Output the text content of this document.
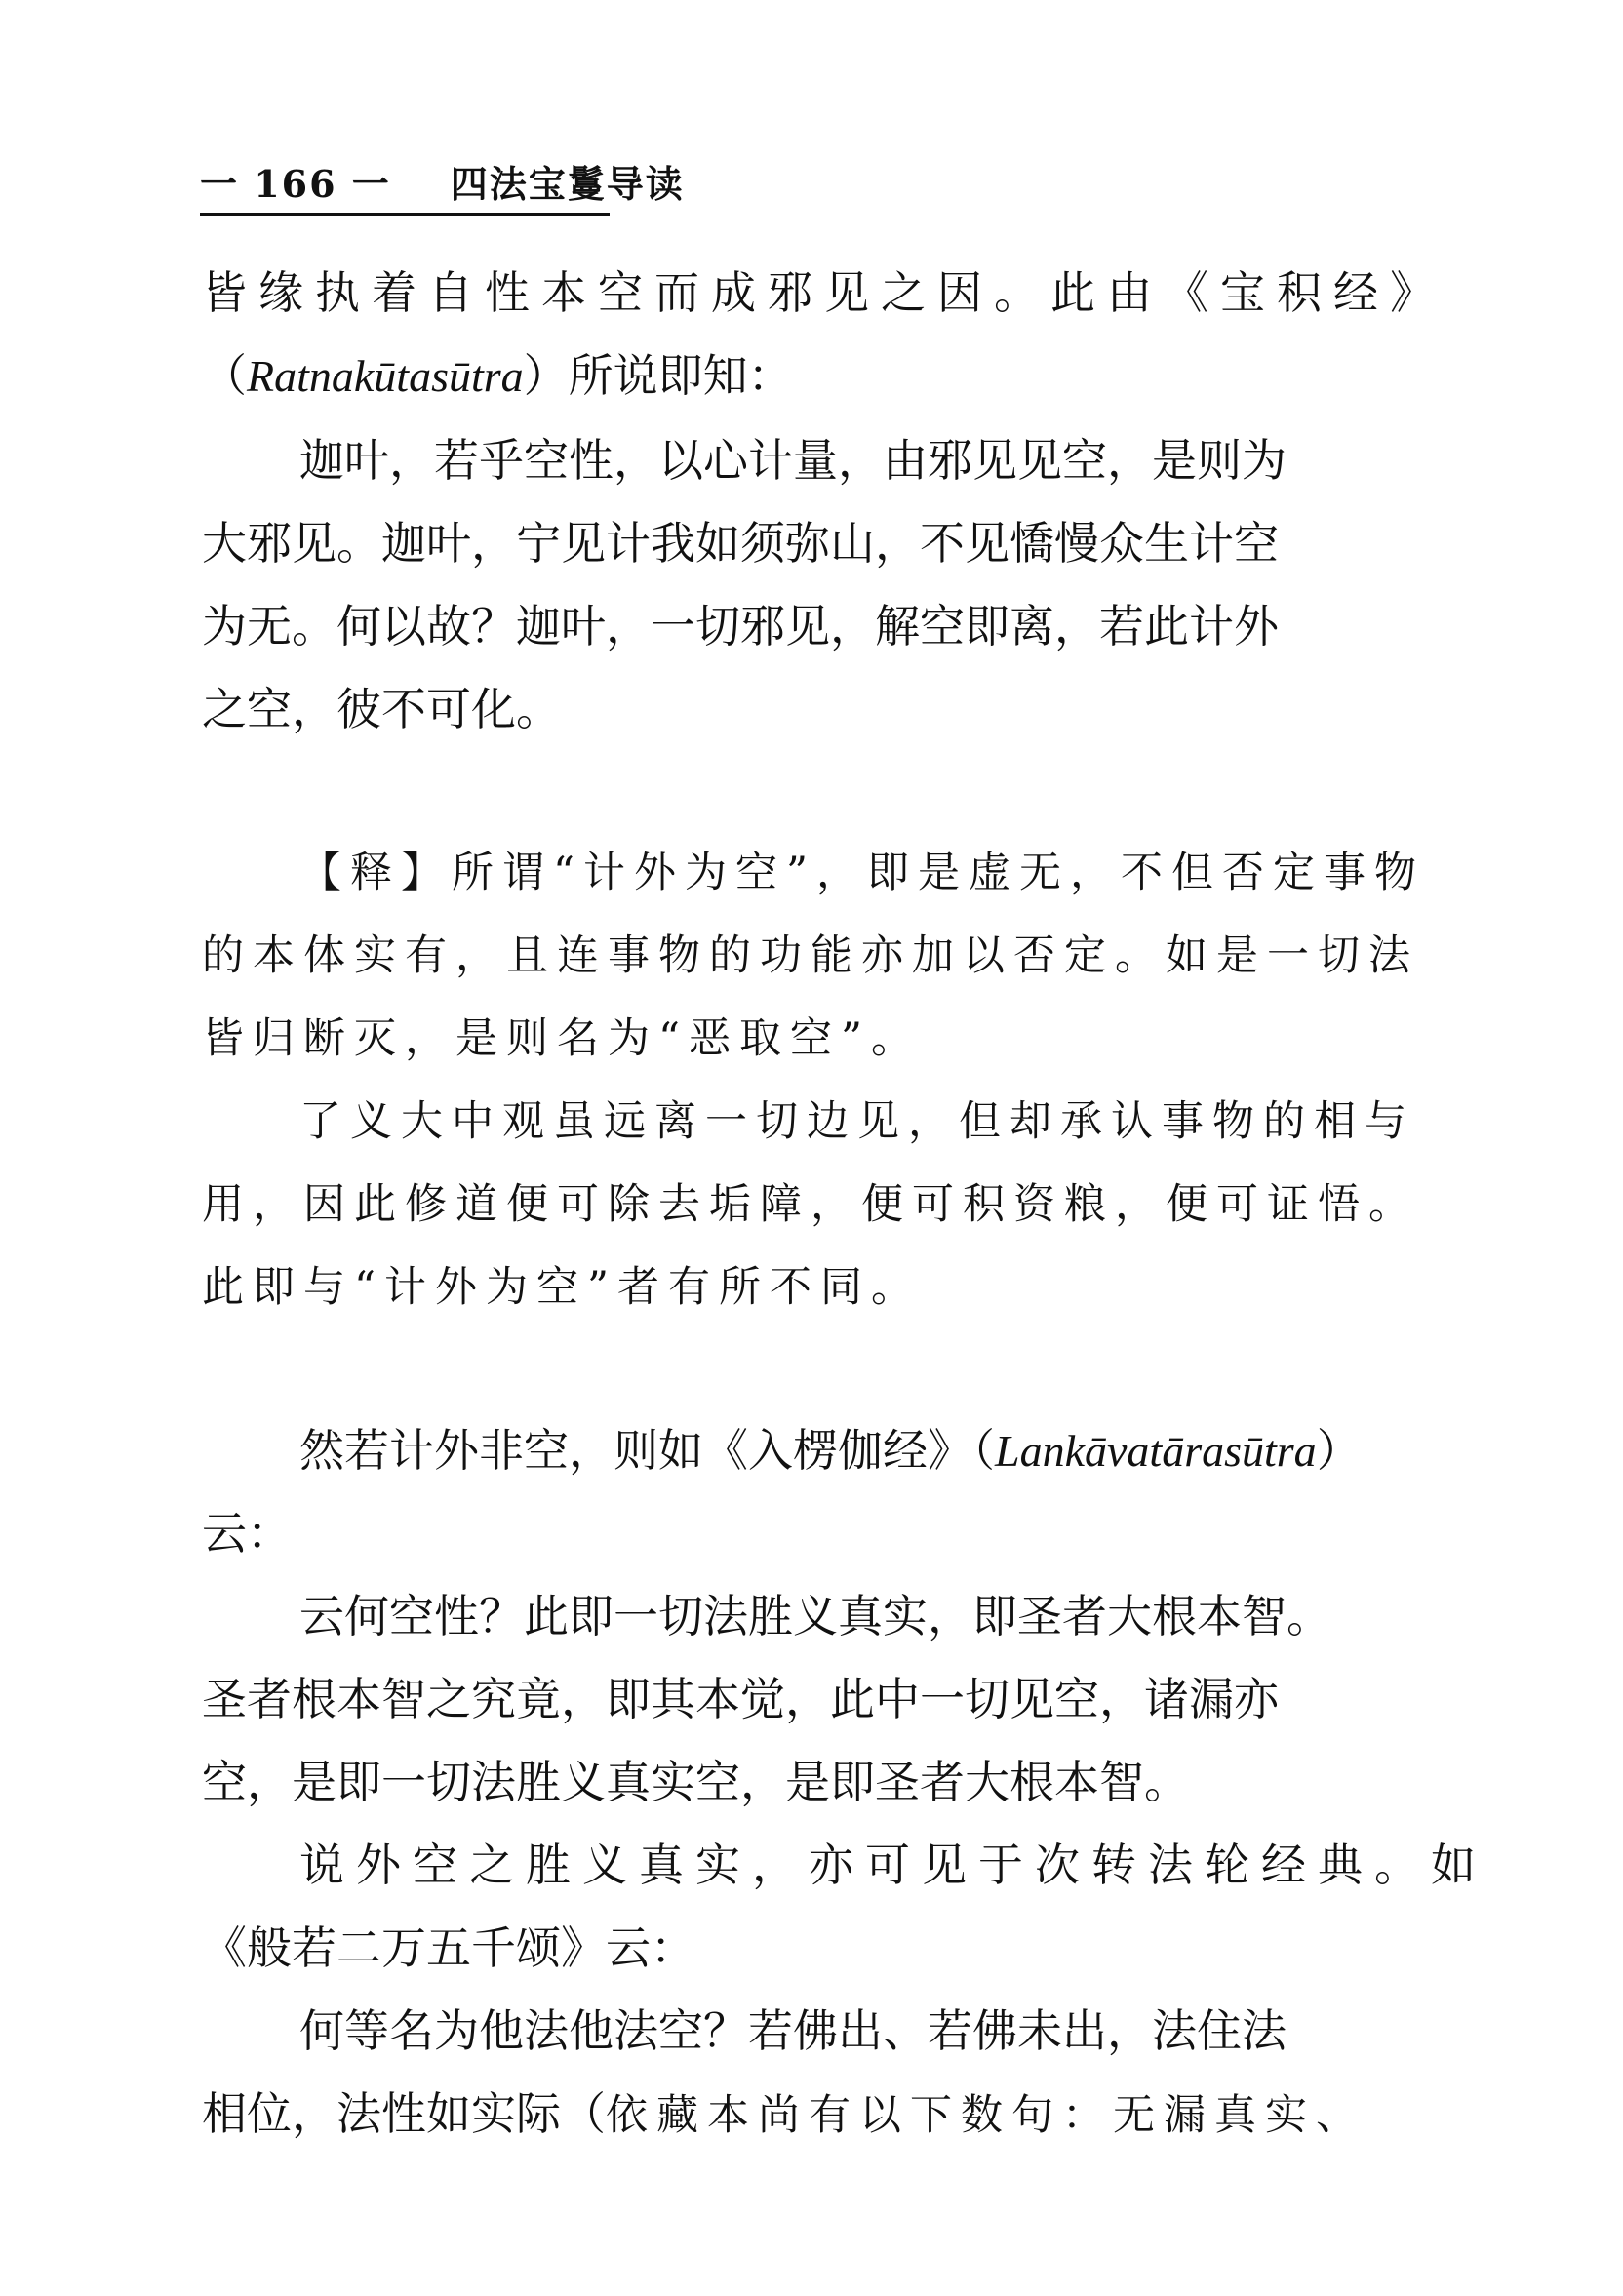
一 166 一 四法宝鬘导读
皆缘执着自性本空而成邪见之因。此由《宝积经》
（Ratnakūtasūtra）所说即知：
迦叶，若乎空性，以心计量，由邪见见空，是则为
大邪见。迦叶，宁见计我如须弥山，不见憍慢众生计空
为无。何以故？迦叶，一切邪见，解空即离，若此计外
之空，彼不可化。
【释】所谓“计外为空”，即是虚无，不但否定事物
的本体实有，且连事物的功能亦加以否定。如是一切法
皆归断灭，是则名为“恶取空”。
了义大中观虽远离一切边见，但却承认事物的相与
用，因此修道便可除去垢障，便可积资粮，便可证悟。
此即与“计外为空”者有所不同。
然若计外非空，则如《入楞伽经》（Lankāvatārasūtra）
云：
云何空性？此即一切法胜义真实，即圣者大根本智。
圣者根本智之究竟，即其本觉，此中一切见空，诸漏亦
空，是即一切法胜义真实空，是即圣者大根本智。
说外空之胜义真实，亦可见于次转法轮经典。如
《般若二万五千颂》云：
何等名为他法他法空？若佛出、若佛未出，法住法
相位，法性如实际（依藏本尚有以下数句：无漏真实、
